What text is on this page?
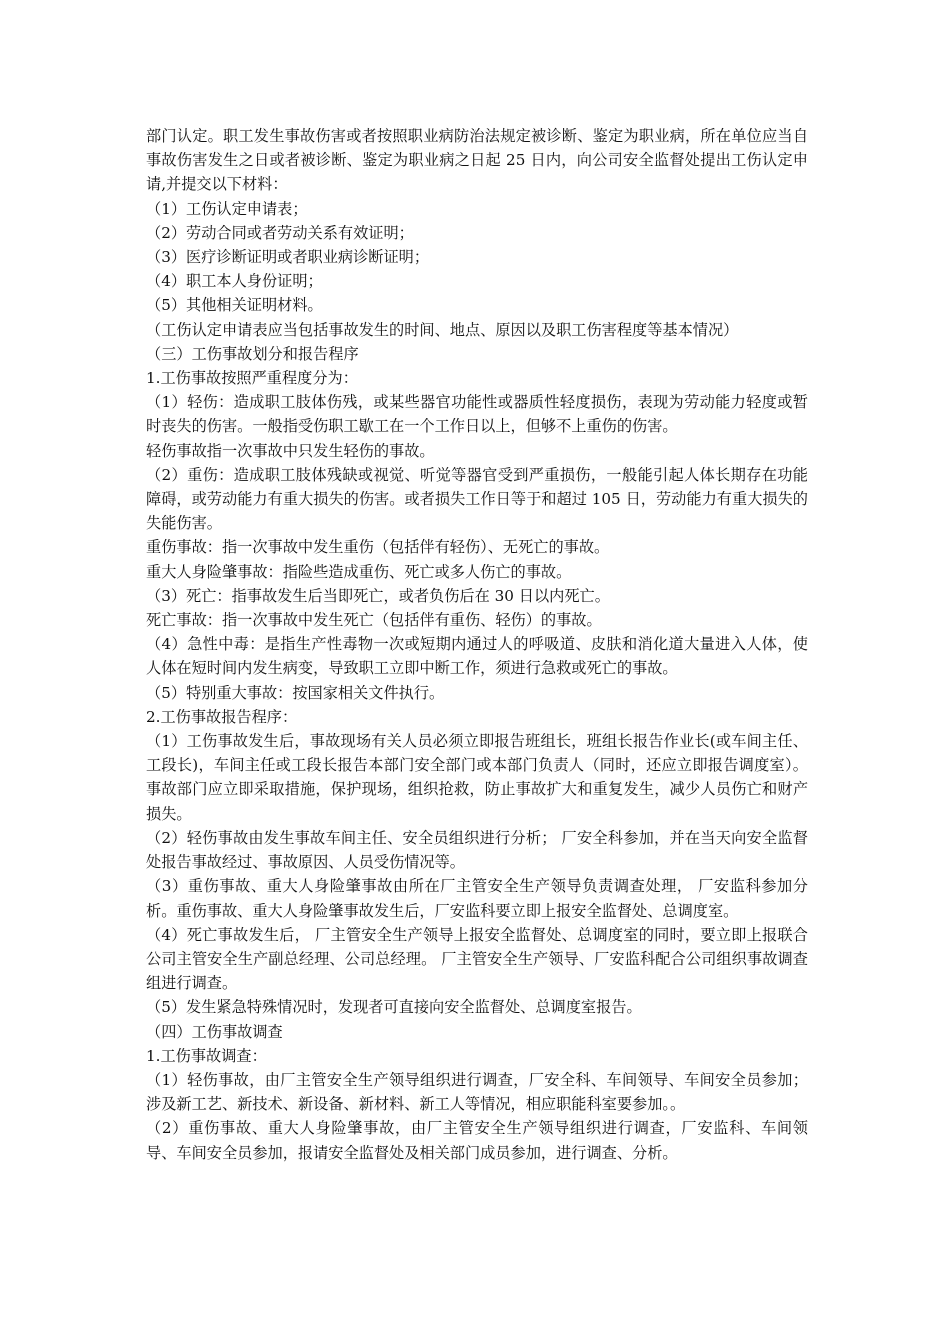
部门认定。职工发生事故伤害或者按照职业病防治法规定被诊断、鉴定为职业病，所在单位应当自事故伤害发生之日或者被诊断、鉴定为职业病之日起 25 日内，向公司安全监督处提出工伤认定申请,并提交以下材料：

（1）工伤认定申请表；

（2）劳动合同或者劳动关系有效证明；

（3）医疗诊断证明或者职业病诊断证明；

（4）职工本人身份证明；

（5）其他相关证明材料。

（工伤认定申请表应当包括事故发生的时间、地点、原因以及职工伤害程度等基本情况）

（三）工伤事故划分和报告程序

1.工伤事故按照严重程度分为：

（1）轻伤：造成职工肢体伤残，或某些器官功能性或器质性轻度损伤，表现为劳动能力轻度或暂时丧失的伤害。一般指受伤职工歇工在一个工作日以上，但够不上重伤的伤害。

轻伤事故指一次事故中只发生轻伤的事故。

（2）重伤：造成职工肢体残缺或视觉、听觉等器官受到严重损伤，一般能引起人体长期存在功能障碍，或劳动能力有重大损失的伤害。或者损失工作日等于和超过 105 日，劳动能力有重大损失的失能伤害。

重伤事故：指一次事故中发生重伤（包括伴有轻伤）、无死亡的事故。

重大人身险肇事故：指险些造成重伤、死亡或多人伤亡的事故。

（3）死亡：指事故发生后当即死亡，或者负伤后在 30 日以内死亡。

死亡事故：指一次事故中发生死亡（包括伴有重伤、轻伤）的事故。

（4）急性中毒：是指生产性毒物一次或短期内通过人的呼吸道、皮肤和消化道大量进入人体，使人体在短时间内发生病变，导致职工立即中断工作，须进行急救或死亡的事故。

（5）特别重大事故：按国家相关文件执行。

2.工伤事故报告程序：

（1）工伤事故发生后，事故现场有关人员必须立即报告班组长，班组长报告作业长(或车间主任、工段长)，车间主任或工段长报告本部门安全部门或本部门负责人（同时，还应立即报告调度室）。事故部门应立即采取措施，保护现场，组织抢救，防止事故扩大和重复发生，减少人员伤亡和财产损失。

（2）轻伤事故由发生事故车间主任、安全员组织进行分析； 厂安全科参加，并在当天向安全监督处报告事故经过、事故原因、人员受伤情况等。

（3）重伤事故、重大人身险肇事故由所在厂主管安全生产领导负责调查处理， 厂安监科参加分析。重伤事故、重大人身险肇事故发生后，厂安监科要立即上报安全监督处、总调度室。

（4）死亡事故发生后， 厂主管安全生产领导上报安全监督处、总调度室的同时，要立即上报联合公司主管安全生产副总经理、公司总经理。 厂主管安全生产领导、厂安监科配合公司组织事故调查组进行调查。

（5）发生紧急特殊情况时，发现者可直接向安全监督处、总调度室报告。

（四）工伤事故调查

1.工伤事故调查：

（1）轻伤事故，由厂主管安全生产领导组织进行调查，厂安全科、车间领导、车间安全员参加；涉及新工艺、新技术、新设备、新材料、新工人等情况，相应职能科室要参加。。

（2）重伤事故、重大人身险肇事故，由厂主管安全生产领导组织进行调查，厂安监科、车间领导、车间安全员参加，报请安全监督处及相关部门成员参加，进行调查、分析。
